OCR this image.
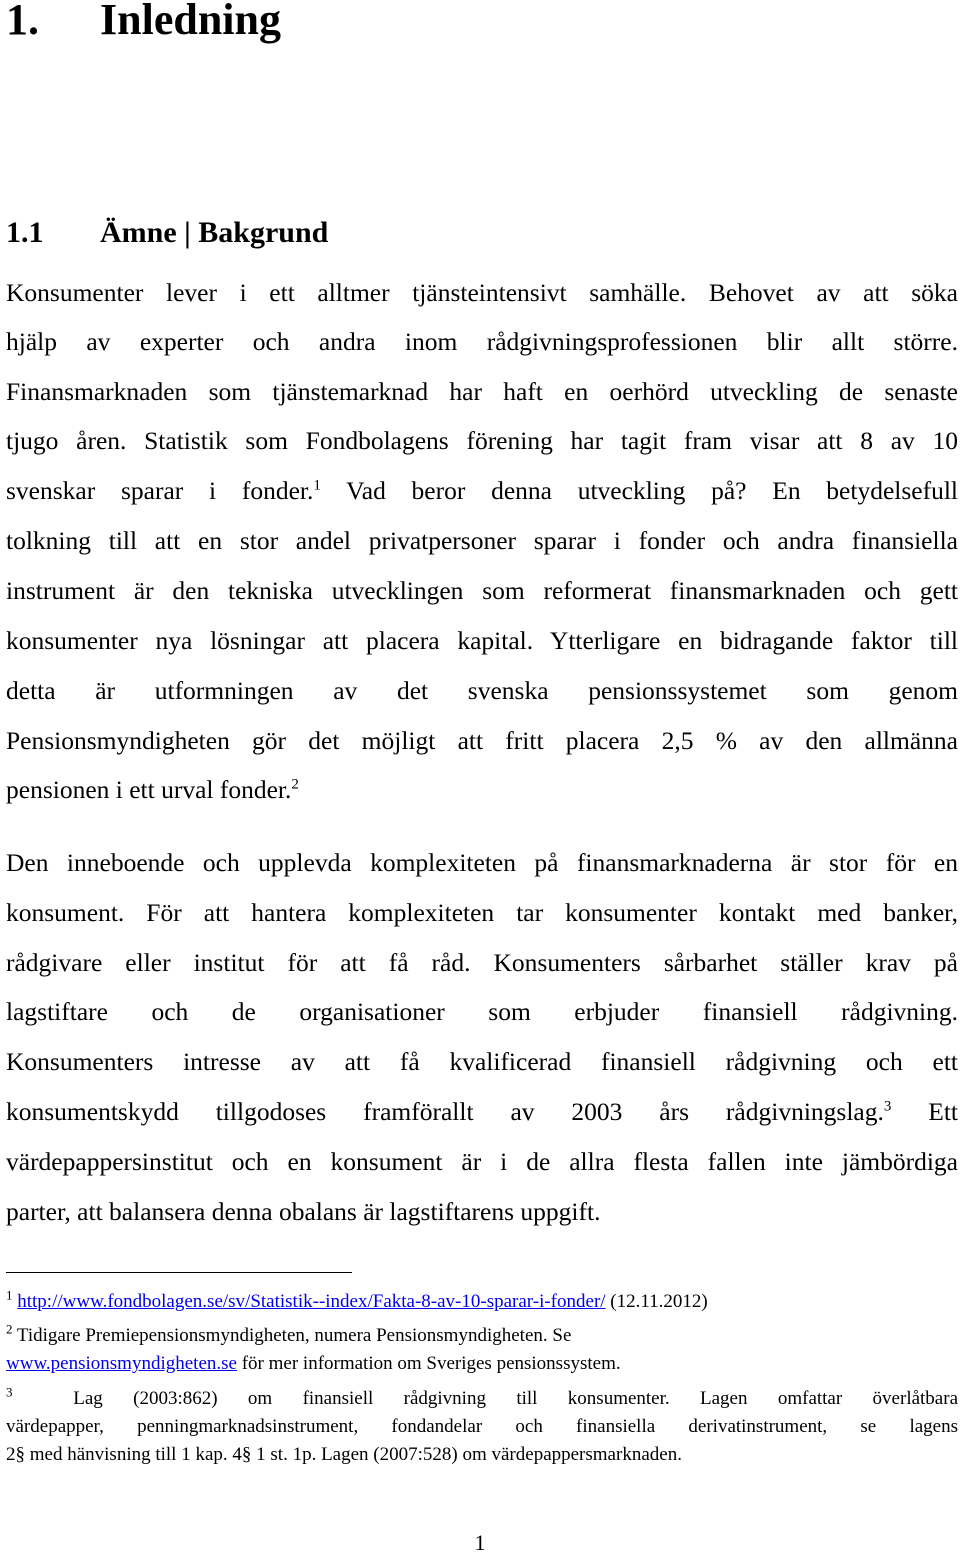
1. Inledning
1.1 Ämne | Bakgrund
Konsumenter lever i ett alltmer tjänsteintensivt samhälle. Behovet av att söka
hjälp av experter och andra inom rådgivningsprofessionen blir allt större.
Finansmarknaden som tjänstemarknad har haft en oerhörd utveckling de senaste
tjugo åren. Statistik som Fondbolagens förening har tagit fram visar att 8 av 10
svenskar sparar i fonder.$^1$ Vad beror denna utveckling på? En betydelsefull
tolkning till att en stor andel privatpersoner sparar i fonder och andra finansiella
instrument är den tekniska utvecklingen som reformerat finansmarknaden och gett
konsumenter nya lösningar att placera kapital. Ytterligare en bidragande faktor till
detta är utformningen av det svenska pensionssystemet som genom
Pensionsmyndigheten gör det möjligt att fritt placera 2,5 % av den allmänna
pensionen i ett urval fonder.$^2$
Den inneboende och upplevda komplexiteten på finansmarknaderna är stor för en
konsument. För att hantera komplexiteten tar konsumenter kontakt med banker,
rådgivare eller institut för att få råd. Konsumenters sårbarhet ställer krav på
lagstiftare och de organisationer som erbjuder finansiell rådgivning.
Konsumenters intresse av att få kvalificerad finansiell rådgivning och ett
konsumentskydd tillgodoses framförallt av 2003 års rådgivningslag.$^3$ Ett
värdepappersinstitut och en konsument är i de allra flesta fallen inte jämbördiga
parter, att balansera denna obalans är lagstiftarens uppgift.
$^1$ http://www.fondbolagen.se/sv/Statistik--index/Fakta-8-av-10-sparar-i-fonder/ (12.11.2012)
$^2$ Tidigare Premiepensionsmyndigheten, numera Pensionsmyndigheten. Se
www.pensionsmyndigheten.se för mer information om Sveriges pensionssystem.
$^3$	Lag (2003:862) om finansiell rådgivning till konsumenter. Lagen omfattar överlåtbara
värdepapper, penningmarknadsinstrument, fondandelar och finansiella derivatinstrument, se lagens
2§ med hänvisning till 1 kap. 4§ 1 st. 1p. Lagen (2007:528) om värdepappersmarknaden.
1
